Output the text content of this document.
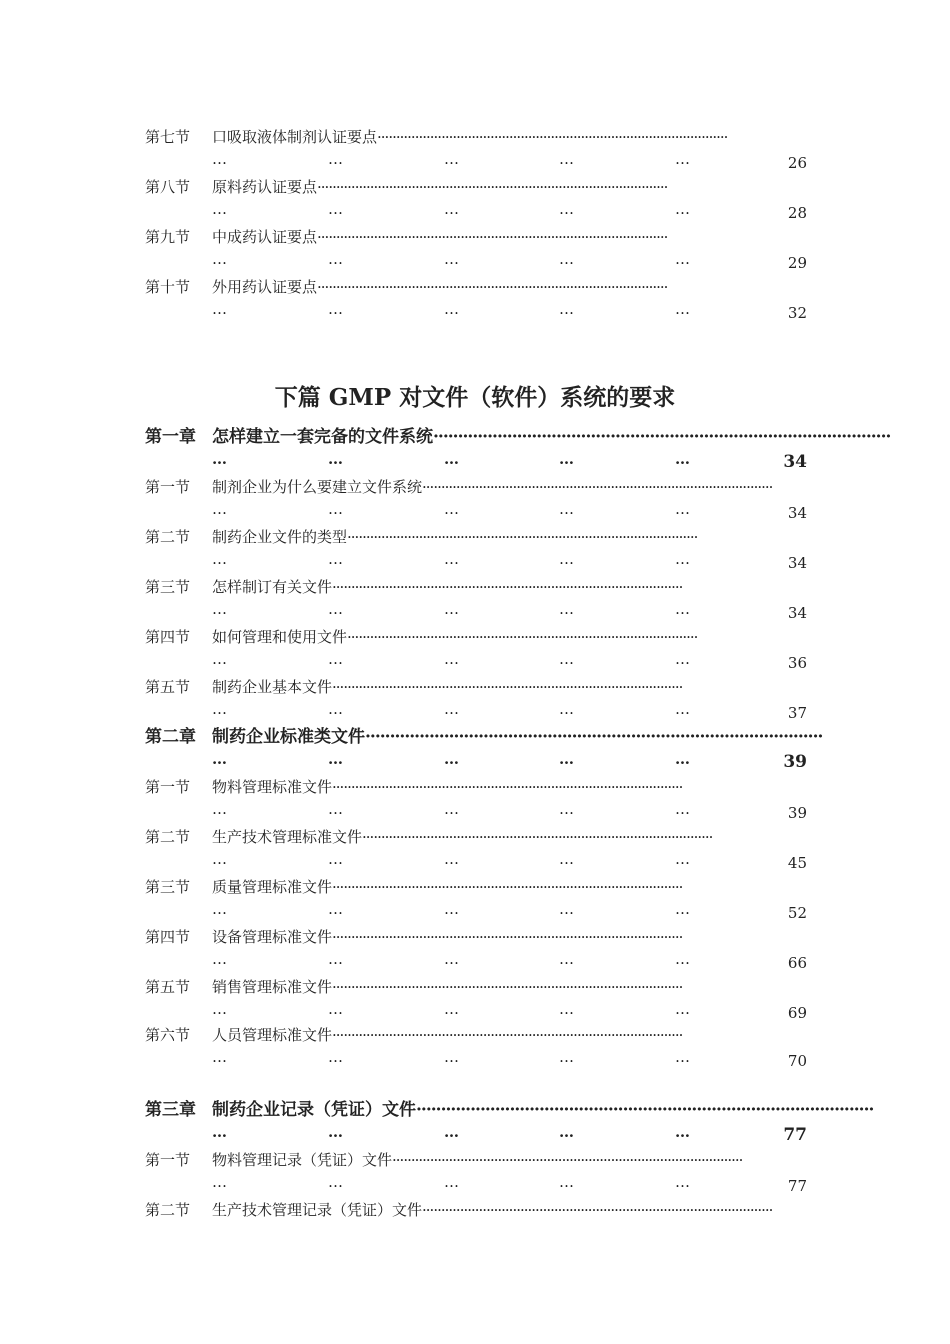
下篇 GMP 对文件（软件）系统的要求
第七节 口吸取液体制剂认证要点·····························································································
…	…	…	…	…	26
第八节 原料药认证要点·····························································································
…	…	…	…	…	28
第九节 中成药认证要点·····························································································
…	…	…	…	…	29
第十节 外用药认证要点·····························································································
…	…	…	…	…	32
第一章 怎样建立一套完备的文件系统·····························································································
…	…	…	…	…	34
第一节 制剂企业为什么要建立文件系统·····························································································
…	…	…	…	…	34
第二节 制药企业文件的类型·····························································································
…	…	…	…	…	34
第三节 怎样制订有关文件·····························································································
…	…	…	…	…	34
第四节 如何管理和使用文件·····························································································
…	…	…	…	…	36
第五节 制药企业基本文件·····························································································
…	…	…	…	…	37
第二章 制药企业标准类文件·····························································································
…	…	…	…	…	39
第一节 物料管理标准文件·····························································································
…	…	…	…	…	39
第二节 生产技术管理标准文件·····························································································
…	…	…	…	…	45
第三节 质量管理标准文件·····························································································
…	…	…	…	…	52
第四节 设备管理标准文件·····························································································
…	…	…	…	…	66
第五节 销售管理标准文件·····························································································
…	…	…	…	…	69
第六节 人员管理标准文件·····························································································
…	…	…	…	…	70
第三章 制药企业记录（凭证）文件·····························································································
…	…	…	…	…	77
第一节 物料管理记录（凭证）文件·····························································································
…	…	…	…	…	77
第二节 生产技术管理记录（凭证）文件·····························································································
